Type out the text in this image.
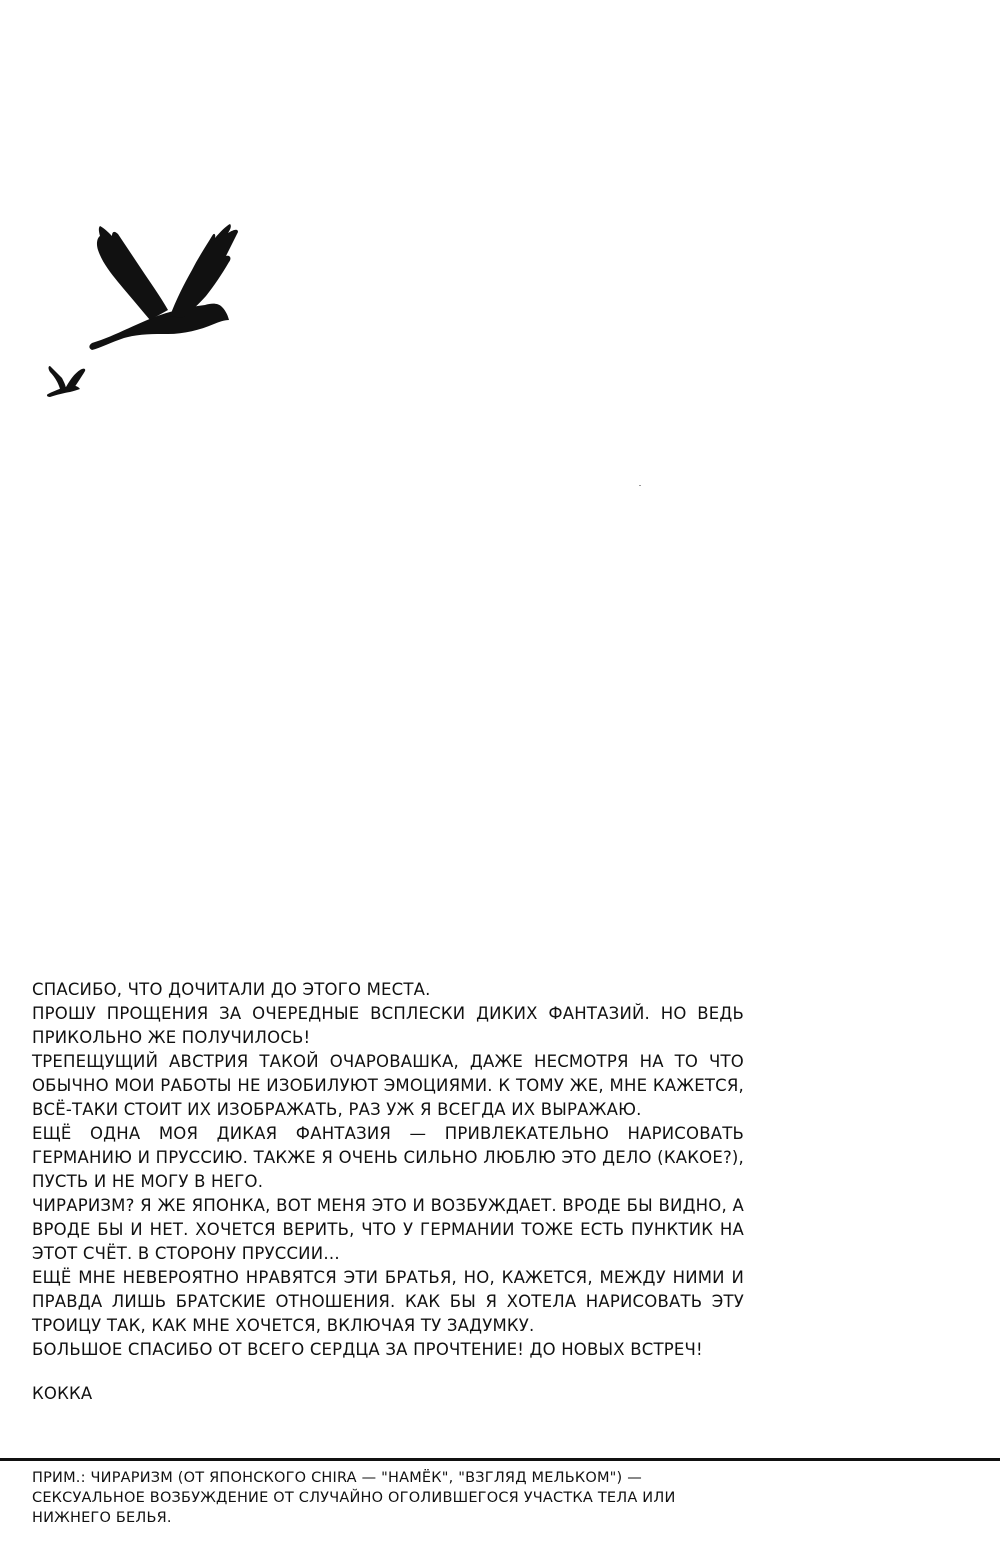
СПАСИБО, ЧТО ДОЧИТАЛИ ДО ЭТОГО МЕСТА.

ПРОШУ ПРОЩЕНИЯ ЗА ОЧЕРЕДНЫЕ ВСПЛЕСКИ ДИКИХ ФАНТАЗИЙ. НО ВЕДЬ ПРИКОЛЬНО ЖЕ ПОЛУЧИЛОСЬ!

ТРЕПЕЩУЩИЙ АВСТРИЯ ТАКОЙ ОЧАРОВАШКА, ДАЖЕ НЕСМОТРЯ НА ТО ЧТО ОБЫЧНО МОИ РАБОТЫ НЕ ИЗОБИЛУЮТ ЭМОЦИЯМИ. К ТОМУ ЖЕ, МНЕ КАЖЕТСЯ, ВСЁ-ТАКИ СТОИТ ИХ ИЗОБРАЖАТЬ, РАЗ УЖ Я ВСЕГДА ИХ ВЫРАЖАЮ.

ЕЩЁ ОДНА МОЯ ДИКАЯ ФАНТАЗИЯ — ПРИВЛЕКАТЕЛЬНО НАРИСОВАТЬ ГЕРМАНИЮ И ПРУССИЮ. ТАКЖЕ Я ОЧЕНЬ СИЛЬНО ЛЮБЛЮ ЭТО ДЕЛО (КАКОЕ?), ПУСТЬ И НЕ МОГУ В НЕГО.

ЧИРАРИЗМ? Я ЖЕ ЯПОНКА, ВОТ МЕНЯ ЭТО И ВОЗБУЖДАЕТ. ВРОДЕ БЫ ВИДНО, А ВРОДЕ БЫ И НЕТ. ХОЧЕТСЯ ВЕРИТЬ, ЧТО У ГЕРМАНИИ ТОЖЕ ЕСТЬ ПУНКТИК НА ЭТОТ СЧЁТ. В СТОРОНУ ПРУССИИ…

ЕЩЁ МНЕ НЕВЕРОЯТНО НРАВЯТСЯ ЭТИ БРАТЬЯ, НО, КАЖЕТСЯ, МЕЖДУ НИМИ И ПРАВДА ЛИШЬ БРАТСКИЕ ОТНОШЕНИЯ. КАК БЫ Я ХОТЕЛА НАРИСОВАТЬ ЭТУ ТРОИЦУ ТАК, КАК МНЕ ХОЧЕТСЯ, ВКЛЮЧАЯ ТУ ЗАДУМКУ.

БОЛЬШОЕ СПАСИБО ОТ ВСЕГО СЕРДЦА ЗА ПРОЧТЕНИЕ! ДО НОВЫХ ВСТРЕЧ!

КОККА

ПРИМ.: ЧИРАРИЗМ (ОТ ЯПОНСКОГО CHIRA — "НАМЁК", "ВЗГЛЯД МЕЛЬКОМ") — СЕКСУАЛЬНОЕ ВОЗБУЖДЕНИЕ ОТ СЛУЧАЙНО ОГОЛИВШЕГОСЯ УЧАСТКА ТЕЛА ИЛИ НИЖНЕГО БЕЛЬЯ.
